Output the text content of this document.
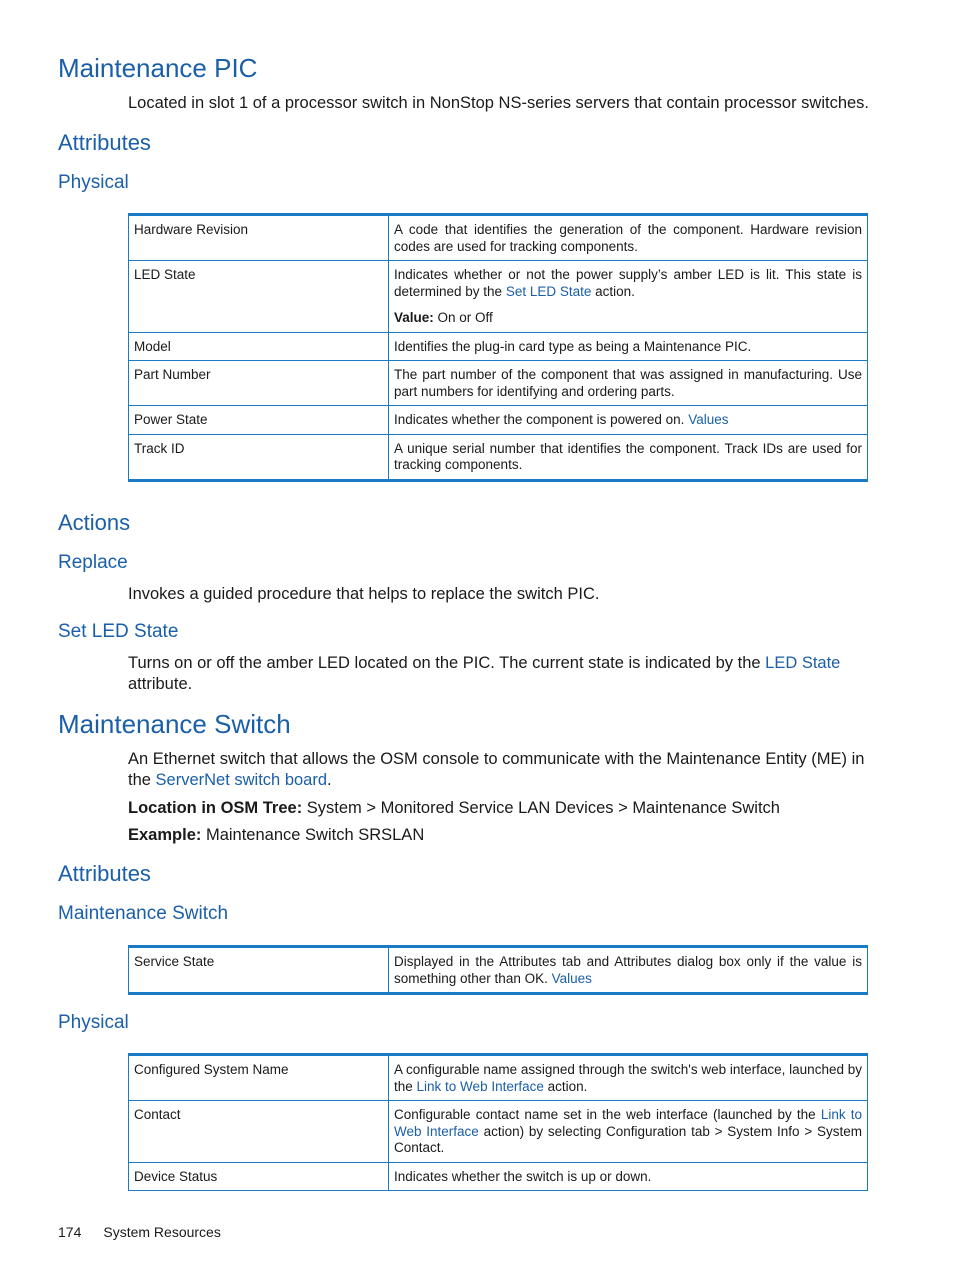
Maintenance PIC
Located in slot 1 of a processor switch in NonStop NS-series servers that contain processor switches.
Attributes
Physical
Hardware Revision	A code that identifies the generation of the component. Hardware revision codes are used for tracking components.
LED State	Indicates whether or not the power supply’s amber LED is lit. This state is determined by the Set LED State action.
Value: On or Off

Model	Identifies the plug-in card type as being a Maintenance PIC.
Part Number	The part number of the component that was assigned in manufacturing. Use part numbers for identifying and ordering parts.
Power State	Indicates whether the component is powered on. Values
Track ID	A unique serial number that identifies the component. Track IDs are used for tracking components.
Actions
Replace
Invokes a guided procedure that helps to replace the switch PIC.
Set LED State
Turns on or off the amber LED located on the PIC. The current state is indicated by the LED State attribute.
Maintenance Switch
An Ethernet switch that allows the OSM console to communicate with the Maintenance Entity (ME) in the ServerNet switch board.
Location in OSM Tree: System > Monitored Service LAN Devices > Maintenance Switch
Example: Maintenance Switch SRSLAN
Attributes
Maintenance Switch
Service State	Displayed in the Attributes tab and Attributes dialog box only if the value is something other than OK. Values
Physical
Configured System Name	A configurable name assigned through the switch's web interface, launched by the Link to Web Interface action.
Contact	Configurable contact name set in the web interface (launched by the Link to Web Interface action) by selecting Configuration tab > System Info > System Contact.
Device Status	Indicates whether the switch is up or down.
174 System Resources
